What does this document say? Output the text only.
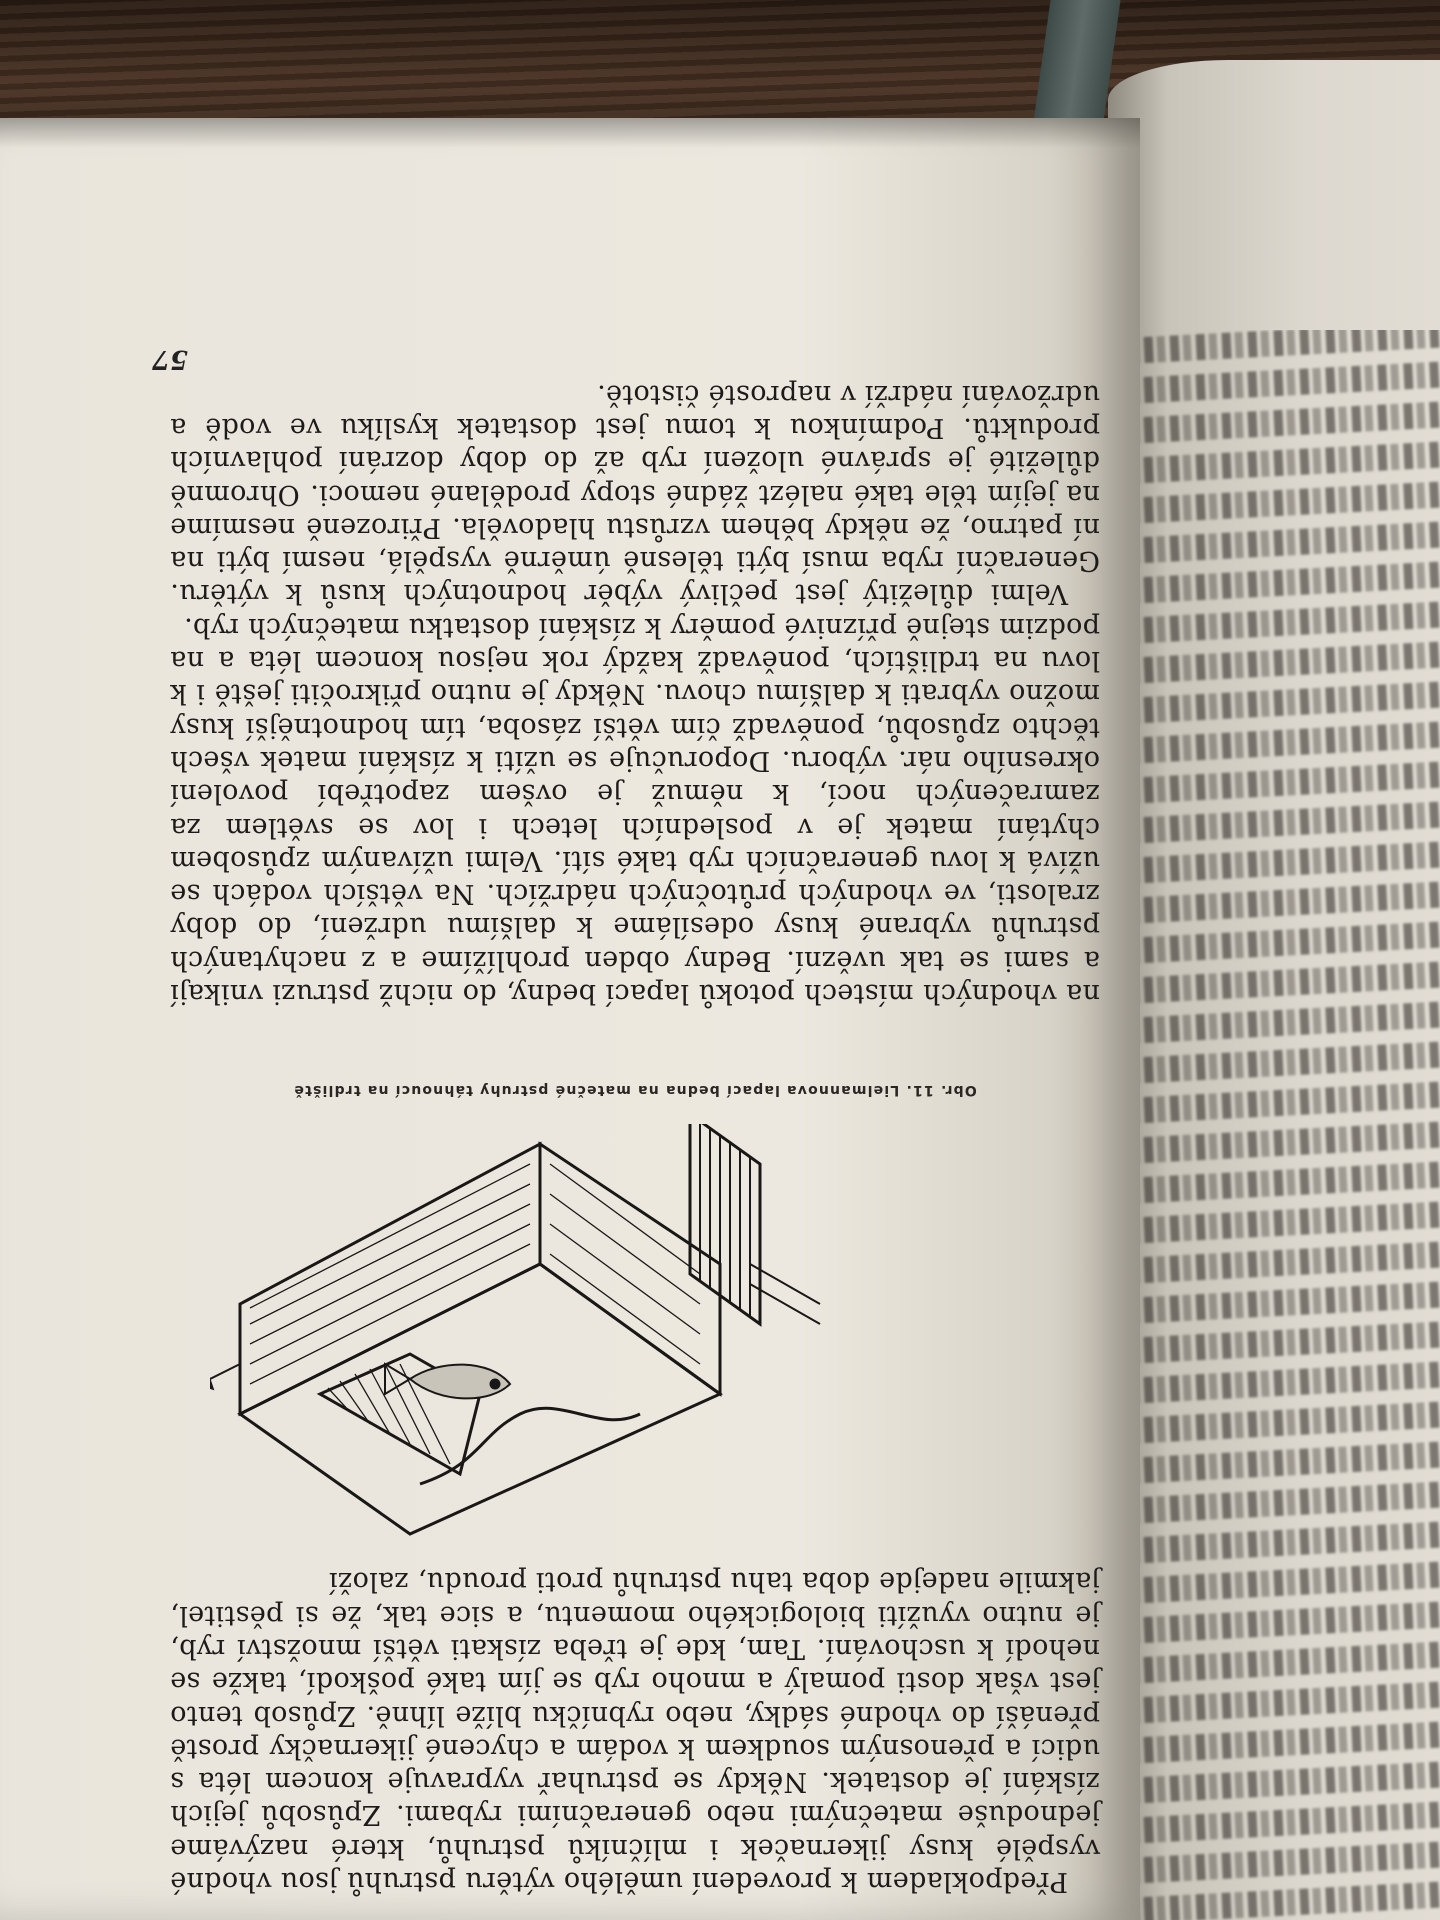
Předpokladem k provedení umělého výtěru pstruhů jsou vhodné vyspělé kusy jikernaček i mlíčníků pstruhů, které nazýváme jednoduše matečnými nebo generačními rybami. Způsobů jejich získání je dostatek. Někdy se pstruhař vypravuje koncem léta s udicí a přenosným soudkem k vodám a chycené jikernačky prostě přenáší do vhodné sádky, nebo rybníčku blíže líhně. Způsob tento jest však dosti pomalý a mnoho ryb se jím také poškodí, takže se nehodí k uschování. Tam, kde je třeba získati větší množství ryb, je nutno využíti biologického momentu, a sice tak, že si pěstitel, jakmile nadejde doba tahu pstruhů proti proudu, založí

Obr. 11. Lielmannova lapací bedna na matečné pstruhy táhnoucí na trdliště

na vhodných místech potoků lapací bedny, do nichž pstruzi vnikají a sami se tak uvězní. Bedny obden prohlížíme a z nachytaných pstruhů vybrané kusy odesíláme k dalšímu udržení, do doby zralosti, ve vhodných průtočných nádržích. Na větších vodách se užívá k lovu generačních ryb také sítí. Velmi užívaným způsobem chytání matek je v posledních letech i lov se světlem za zamračených nocí, k němuž je ovšem zapotřebí povolení okresního nár. výboru. Doporučuje se užíti k získání matek všech těchto způsobů, poněvadž čím větší zásoba, tím hodnotnější kusy možno vybrati k dalšímu chovu. Někdy je nutno přikročiti ještě i k lovu na trdlištích, poněvadž každý rok nejsou koncem léta a na podzim stejně příznivé poměry k získání dostatku matečných ryb.

Velmi důležitý jest pečlivý výběr hodnotných kusů k výtěru. Generační ryba musí býti tělesně úměrně vyspělá, nesmí býti na ní patrno, že někdy během vzrůstu hladověla. Přirozeně nesmíme na jejím těle také nalézt žádné stopy prodělané nemoci. Ohromně důležité je správné uložení ryb až do doby dozrání pohlavních produktů. Podmínkou k tomu jest dostatek kyslíku ve vodě a udržování nádrží v naprosté čistotě.

57
